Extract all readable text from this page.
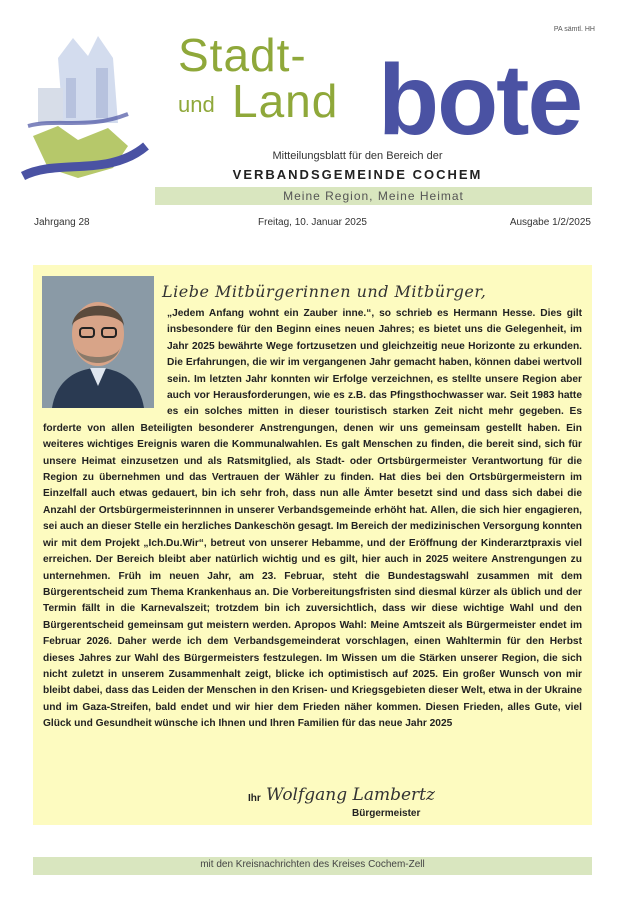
PA sämtl. HH
Stadt-
und Land bote
Mitteilungsblatt für den Bereich der
VERBANDSGEMEINDE COCHEM
Meine Region, Meine Heimat
Jahrgang 28	Freitag, 10. Januar 2025	Ausgabe 1/2/2025
Liebe Mitbürgerinnen und Mitbürger,
„Jedem Anfang wohnt ein Zauber inne.“, so schrieb es Hermann Hesse. Dies gilt insbesondere für den Beginn eines neuen Jahres; es bietet uns die Gelegenheit, im Jahr 2025 bewährte Wege fortzusetzen und gleichzeitig neue Horizonte zu erkunden. Die Erfahrungen, die wir im vergangenen Jahr gemacht haben, können dabei wertvoll sein. Im letzten Jahr konnten wir Erfolge verzeichnen, es stellte unsere Region aber auch vor Herausforderungen, wie es z.B. das Pfingsthochwasser war. Seit 1983 hatte es ein solches mitten in dieser touristisch starken Zeit nicht mehr gegeben. Es forderte von allen Beteiligten besonderer Anstrengungen, denen wir uns gemeinsam gestellt haben. Ein weiteres wichtiges Ereignis waren die Kommunalwahlen. Es galt Menschen zu finden, die bereit sind, sich für unsere Heimat einzusetzen und als Ratsmitglied, als Stadt- oder Ortsbürgermeister Verantwortung für die Region zu übernehmen und das Vertrauen der Wähler zu finden. Hat dies bei den Ortsbürgermeistern im Einzelfall auch etwas gedauert, bin ich sehr froh, dass nun alle Ämter besetzt sind und dass sich dabei die Anzahl der Ortsbürgermeisterinnnen in unserer Verbandsgemeinde erhöht hat. Allen, die sich hier engagieren, sei auch an dieser Stelle ein herzliches Dankeschön gesagt. Im Bereich der medizinischen Versorgung konnten wir mit dem Projekt „Ich.Du.Wir“, betreut von unserer Hebamme, und der Eröffnung der Kinderarztpraxis viel erreichen. Der Bereich bleibt aber natürlich wichtig und es gilt, hier auch in 2025 weitere Anstrengungen zu unternehmen. Früh im neuen Jahr, am 23. Februar, steht die Bundestagswahl zusammen mit dem Bürgerentscheid zum Thema Krankenhaus an. Die Vorbereitungsfristen sind diesmal kürzer als üblich und der Termin fällt in die Karnevalszeit; trotzdem bin ich zuversichtlich, dass wir diese wichtige Wahl und den Bürgerentscheid gemeinsam gut meistern werden. Apropos Wahl: Meine Amtszeit als Bürgermeister endet im Februar 2026. Daher werde ich dem Verbandsgemeinderat vorschlagen, einen Wahltermin für den Herbst dieses Jahres zur Wahl des Bürgermeisters festzulegen. Im Wissen um die Stärken unserer Region, die sich nicht zuletzt in unserem Zusammenhalt zeigt, blicke ich optimistisch auf 2025. Ein großer Wunsch von mir bleibt dabei, dass das Leiden der Menschen in den Krisen- und Kriegsgebieten dieser Welt, etwa in der Ukraine und im Gaza-Streifen, bald endet und wir hier dem Frieden näher kommen. Diesen Frieden, alles Gute, viel Glück und Gesundheit wünsche ich Ihnen und Ihren Familien für das neue Jahr 2025
Ihr Wolfgang Lambertz
Bürgermeister
mit den Kreisnachrichten des Kreises Cochem-Zell
